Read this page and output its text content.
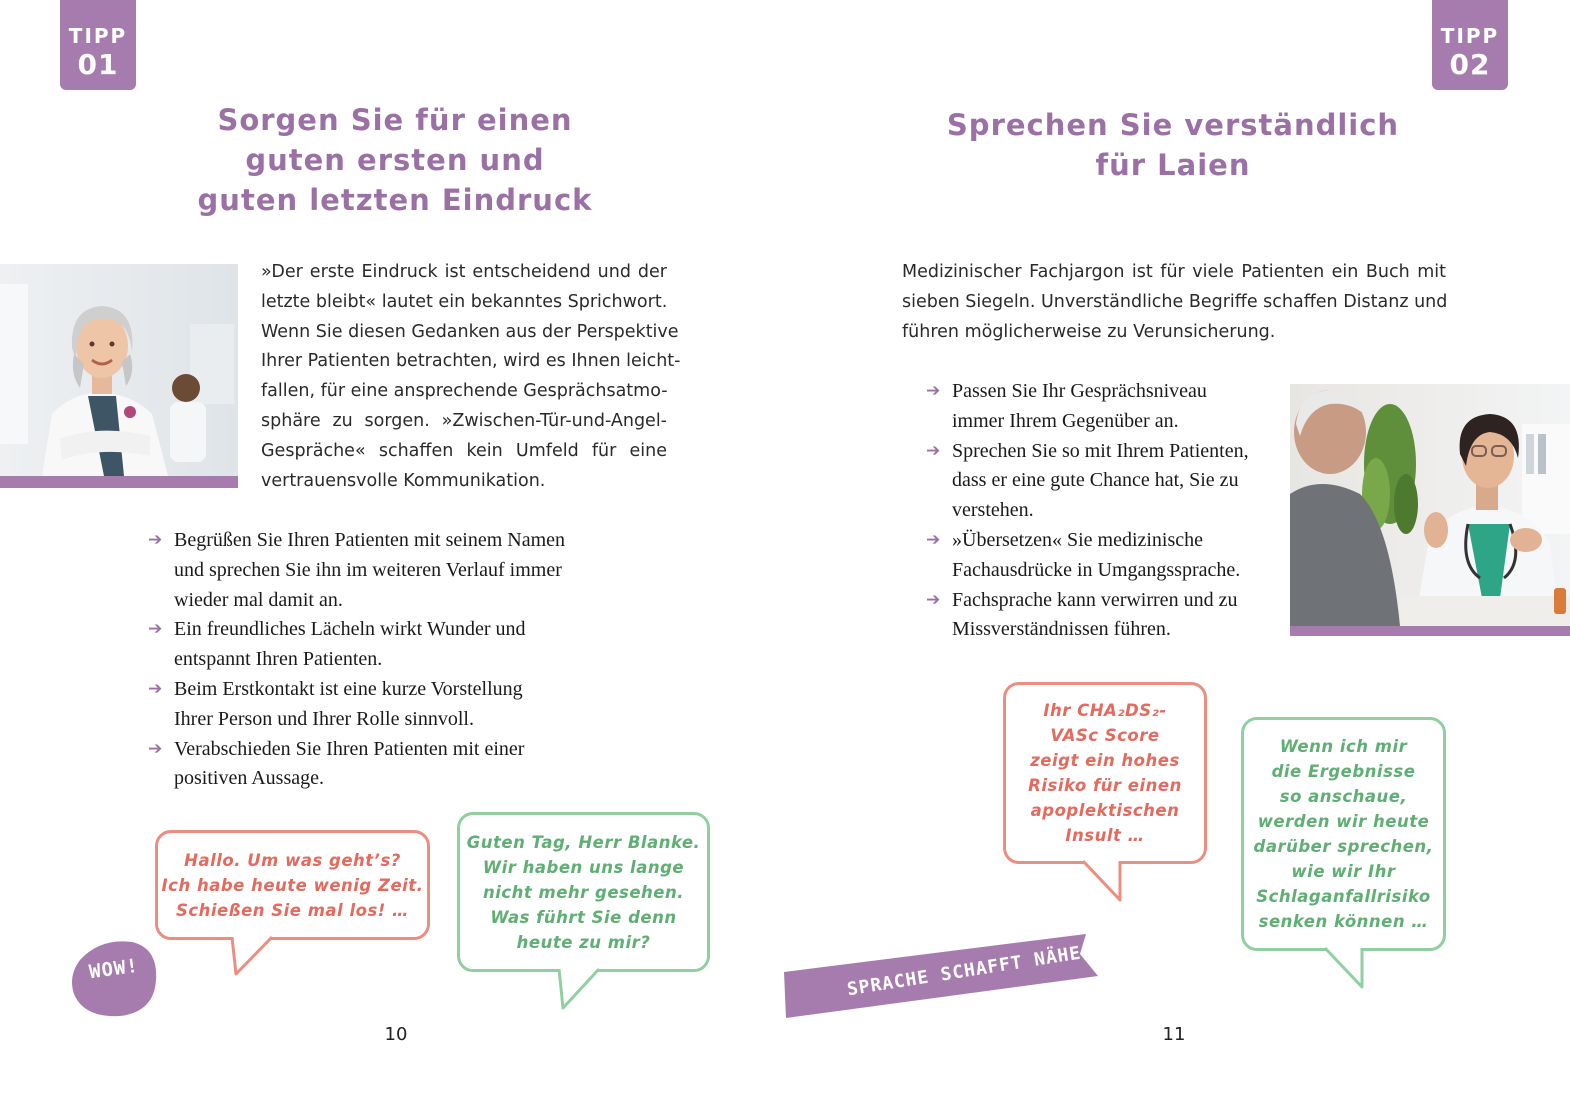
TIPP
01
Sorgen Sie für einen
guten ersten und
guten letzten Eindruck
»Der erste Eindruck ist entscheidend und der
letzte bleibt« lautet ein bekanntes Sprichwort.
Wenn Sie diesen Gedanken aus der Perspektive
Ihrer Patienten betrachten, wird es Ihnen leicht-
fallen, für eine ansprechende Gesprächsatmo-
sphäre zu sorgen. »Zwischen-Tür-und-Angel-
Gespräche« schaffen kein Umfeld für eine
vertrauensvolle Kommunikation.
➔ Begrüßen Sie Ihren Patienten mit seinem Namen
und sprechen Sie ihn im weiteren Verlauf immer
wieder mal damit an.
➔ Ein freundliches Lächeln wirkt Wunder und
entspannt Ihren Patienten.
➔ Beim Erstkontakt ist eine kurze Vorstellung
Ihrer Person und Ihrer Rolle sinnvoll.
➔ Verabschieden Sie Ihren Patienten mit einer
positiven Aussage.
Hallo. Um was geht’s?
Ich habe heute wenig Zeit.
Schießen Sie mal los! …
Guten Tag, Herr Blanke.
Wir haben uns lange
nicht mehr gesehen.
Was führt Sie denn
heute zu mir?
WOW!
10
TIPP
02
Sprechen Sie verständlich
für Laien
Medizinischer Fachjargon ist für viele Patienten ein Buch mit
sieben Siegeln. Unverständliche Begriffe schaffen Distanz und
führen möglicherweise zu Verunsicherung.
➔ Passen Sie Ihr Gesprächsniveau
immer Ihrem Gegenüber an.
➔ Sprechen Sie so mit Ihrem Patienten,
dass er eine gute Chance hat, Sie zu
verstehen.
➔ »Übersetzen« Sie medizinische
Fachausdrücke in Umgangssprache.
➔ Fachsprache kann verwirren und zu
Missverständnissen führen.
Ihr CHA₂DS₂-
VASc Score
zeigt ein hohes
Risiko für einen
apoplektischen
Insult …
Wenn ich mir
die Ergebnisse
so anschaue,
werden wir heute
darüber sprechen,
wie wir Ihr
Schlaganfallrisiko
senken können …
SPRACHE SCHAFFT NÄHE!
11
